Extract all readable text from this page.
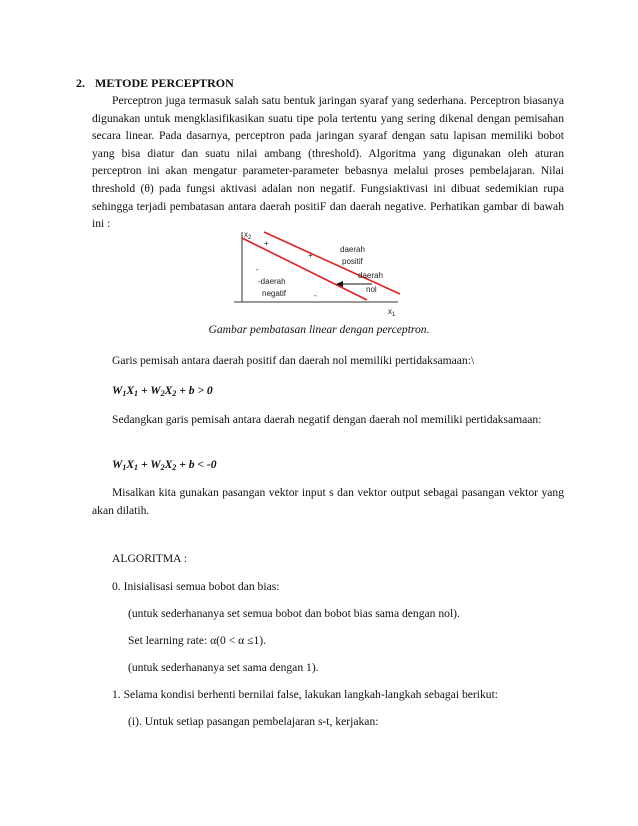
2. METODE PERCEPTRON

Perceptron juga termasuk salah satu bentuk jaringan syaraf yang sederhana. Perceptron biasanya digunakan untuk mengklasifikasikan suatu tipe pola tertentu yang sering dikenal dengan pemisahan secara linear. Pada dasarnya, perceptron pada jaringan syaraf dengan satu lapisan memiliki bobot yang bisa diatur dan suatu nilai ambang (threshold). Algoritma yang digunakan oleh aturan perceptron ini akan mengatur parameter-parameter bebasnya melalui proses pembelajaran. Nilai threshold (θ) pada fungsi aktivasi adalan non negatif. Fungsiaktivasi ini dibuat sedemikian rupa sehingga terjadi pembatasan antara daerah positiF dan daerah negative. Perhatikan gambar di bawah ini :

$x_2$
$x_1$
+
+
-
-
daerah
positif
daerah
nol
-daerah
negatif
Gambar pembatasan linear dengan perceptron.

Garis pemisah antara daerah positif dan daerah nol memiliki pertidaksamaan:\

$W_1X_1 + W_2X_2 + b > 0$

Sedangkan garis pemisah antara daerah negatif dengan daerah nol memiliki pertidaksamaan:

$W_1X_1 + W_2X_2 + b < -0$

Misalkan kita gunakan pasangan vektor input s dan vektor output sebagai pasangan vektor yang akan dilatih.

ALGORITMA :

0. Inisialisasi semua bobot dan bias:

(untuk sederhananya set semua bobot dan bobot bias sama dengan nol).

Set learning rate: α(0 < α ≤1).

(untuk sederhananya set sama dengan 1).

1. Selama kondisi berhenti bernilai false, lakukan langkah-langkah sebagai berikut:

(i). Untuk setiap pasangan pembelajaran s-t, kerjakan:
